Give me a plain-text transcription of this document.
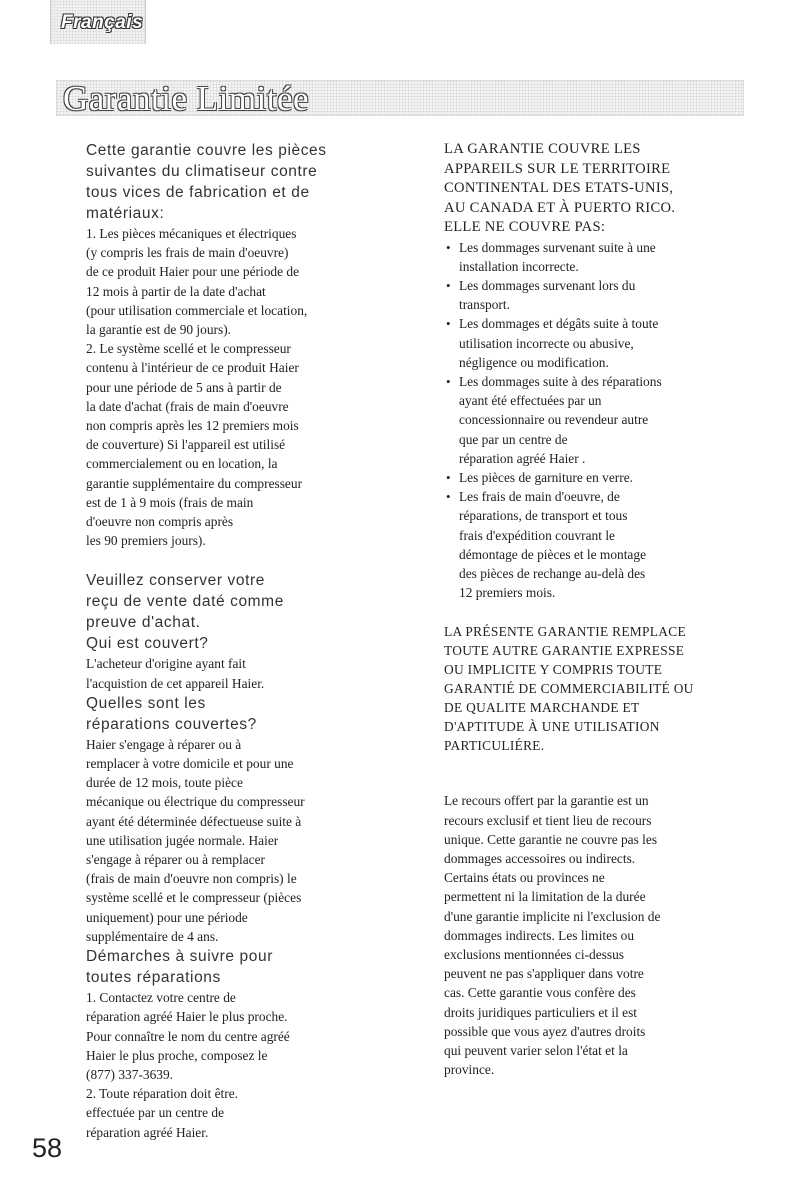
Français
Garantie Limitée
Cette garantie couvre les pièces
suivantes du climatiseur contre
tous vices de fabrication et de
matériaux:
1. Les pièces mécaniques et électriques
(y compris les frais de main d'oeuvre)
de ce produit Haier pour une période de
12 mois à partir de la date d'achat
(pour utilisation commerciale et location,
la garantie est de 90 jours).
2. Le système scellé et le compresseur
contenu à l'intérieur de ce produit Haier
pour une période de 5 ans à partir de
la date d'achat (frais de main d'oeuvre
non compris après les 12 premiers mois
de couverture) Si l'appareil est utilisé
commercialement ou en location, la
garantie supplémentaire du compresseur
est de 1 à 9 mois (frais de main
d'oeuvre non compris après
les 90 premiers jours).
Veuillez conserver votre
reçu de vente daté comme
preuve d'achat.
Qui est couvert?
L'acheteur d'origine ayant fait
l'acquistion de cet appareil Haier.
Quelles sont les
réparations couvertes?
Haier s'engage à réparer ou à
remplacer à votre domicile et pour une
durée de 12 mois, toute pièce
mécanique ou électrique du compresseur
ayant été déterminée défectueuse suite à
une utilisation jugée normale. Haier
s'engage à réparer ou à remplacer
(frais de main d'oeuvre non compris) le
système scellé et le compresseur (pièces
uniquement) pour une période
supplémentaire de 4 ans.
Démarches à suivre pour
toutes réparations
1. Contactez votre centre de
réparation agréé Haier le plus proche.
Pour connaître le nom du centre agréé
Haier le plus proche, composez le
(877) 337-3639.
2. Toute réparation doit être.
effectuée par un centre de
réparation agréé Haier.
LA GARANTIE COUVRE LES
APPAREILS SUR LE TERRITOIRE
CONTINENTAL DES ETATS-UNIS,
AU CANADA ET À PUERTO RICO.
ELLE NE COUVRE PAS:
• Les dommages survenant suite à une
installation incorrecte.
• Les dommages survenant lors du
transport.
• Les dommages et dégâts suite à toute
utilisation incorrecte ou abusive,
négligence ou modification.
• Les dommages suite à des réparations
ayant été effectuées par un
concessionnaire ou revendeur autre
que par un centre de
réparation agréé Haier .
• Les pièces de garniture en verre.
• Les frais de main d'oeuvre, de
réparations, de transport et tous
frais d'expédition couvrant le
démontage de pièces et le montage
des pièces de rechange au-delà des
12 premiers mois.
LA PRÉSENTE GARANTIE REMPLACE
TOUTE AUTRE GARANTIE EXPRESSE
OU IMPLICITE Y COMPRIS TOUTE
GARANTIÉ DE COMMERCIABILITÉ OU
DE QUALITE MARCHANDE ET
D'APTITUDE À UNE UTILISATION
PARTICULIÉRE.
Le recours offert par la garantie est un
recours exclusif et tient lieu de recours
unique. Cette garantie ne couvre pas les
dommages accessoires ou indirects.
Certains états ou provinces ne
permettent ni la limitation de la durée
d'une garantie implicite ni l'exclusion de
dommages indirects. Les limites ou
exclusions mentionnées ci-dessus
peuvent ne pas s'appliquer dans votre
cas. Cette garantie vous confère des
droits juridiques particuliers et il est
possible que vous ayez d'autres droits
qui peuvent varier selon l'état et la
province.
58
